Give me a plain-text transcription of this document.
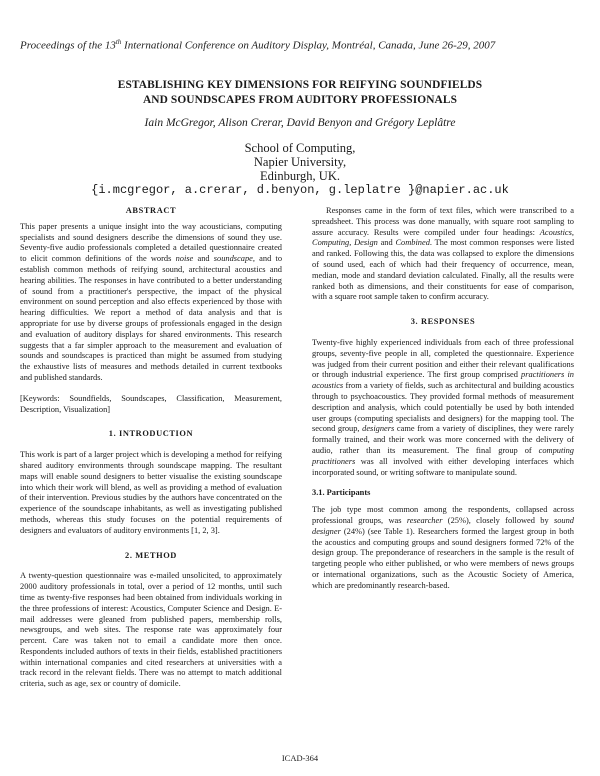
Proceedings of the 13th International Conference on Auditory Display, Montréal, Canada, June 26-29, 2007
ESTABLISHING KEY DIMENSIONS FOR REIFYING SOUNDFIELDS
AND SOUNDSCAPES FROM AUDITORY PROFESSIONALS
Iain McGregor, Alison Crerar, David Benyon and Grégory Leplâtre
School of Computing,
Napier University,
Edinburgh, UK.
{i.mcgregor, a.crerar, d.benyon, g.leplatre }@napier.ac.uk
ABSTRACT

This paper presents a unique insight into the way acousticians, computing specialists and sound designers describe the dimensions of sound they use. Seventy-five audio professionals completed a detailed questionnaire created to elicit common definitions of the words noise and soundscape, and to establish common methods of reifying sound, architectural acoustics and hearing abilities. The responses in have contributed to a better understanding of sound from a practitioner's perspective, the impact of the physical environment on sound perception and also effects experienced by those with hearing difficulties. We report a method of data analysis and that is appropriate for use by diverse groups of professionals engaged in the design and evaluation of auditory displays for shared environments. This research suggests that a far simpler approach to the measurement and evaluation of sounds and soundscapes is practiced than might be assumed from studying the exhaustive lists of measures and methods detailed in current textbooks and published standards.

[Keywords: Soundfields, Soundscapes, Classification, Measurement, Description, Visualization]

1. INTRODUCTION

This work is part of a larger project which is developing a method for reifying shared auditory environments through soundscape mapping. The resultant maps will enable sound designers to better visualise the existing soundscape into which their work will blend, as well as providing a method of evaluation of their intervention. Previous studies by the authors have concentrated on the experience of the soundscape inhabitants, as well as investigating published methods, whereas this study focuses on the potential requirements of designers and evaluators of auditory environments [1, 2, 3].

2. METHOD

A twenty-question questionnaire was e-mailed unsolicited, to approximately 2000 auditory professionals in total, over a period of 12 months, until such time as twenty-five responses had been obtained from individuals working in the three professions of interest: Acoustics, Computer Science and Design. E-mail addresses were gleaned from published papers, membership rolls, newsgroups, and web sites. The response rate was approximately four percent. Care was taken not to email a candidate more then once. Respondents included authors of texts in their fields, established practitioners within international companies and cited researchers at universities with a track record in the relevant fields. There was no attempt to match additional criteria, such as age, sex or country of domicile.

Responses came in the form of text files, which were transcribed to a spreadsheet. This process was done manually, with square root sampling to assure accuracy. Results were compiled under four headings: Acoustics, Computing, Design and Combined. The most common responses were listed and ranked. Following this, the data was collapsed to explore the dimensions of sound used, each of which had their frequency of occurrence, mean, median, mode and standard deviation calculated. Finally, all the results were ranked both as dimensions, and their constituents for ease of comparison, with a square root sample taken to confirm accuracy.

3. RESPONSES

Twenty-five highly experienced individuals from each of three professional groups, seventy-five people in all, completed the questionnaire. Experience was judged from their current position and either their relevant qualifications or through industrial experience. The first group comprised practitioners in acoustics from a variety of fields, such as architectural and building acoustics through to psychoacoustics. They provided formal methods of measurement description and analysis, which could potentially be used by both intended user groups (computing specialists and designers) for the mapping tool. The second group, designers came from a variety of disciplines, they were rarely formally trained, and their work was more concerned with the delivery of audio, rather than its measurement. The final group of computing practitioners was all involved with either developing interfaces which incorporated sound, or writing software to manipulate sound.

3.1. Participants

The job type most common among the respondents, collapsed across professional groups, was researcher (25%), closely followed by sound designer (24%) (see Table 1). Researchers formed the largest group in both the acoustics and computing groups and sound designers formed 72% of the design group. The preponderance of researchers in the sample is the result of targeting people who either published, or who were members of news groups or international organizations, such as the Acoustic Society of America, which are predominantly research-based.

ICAD-364
